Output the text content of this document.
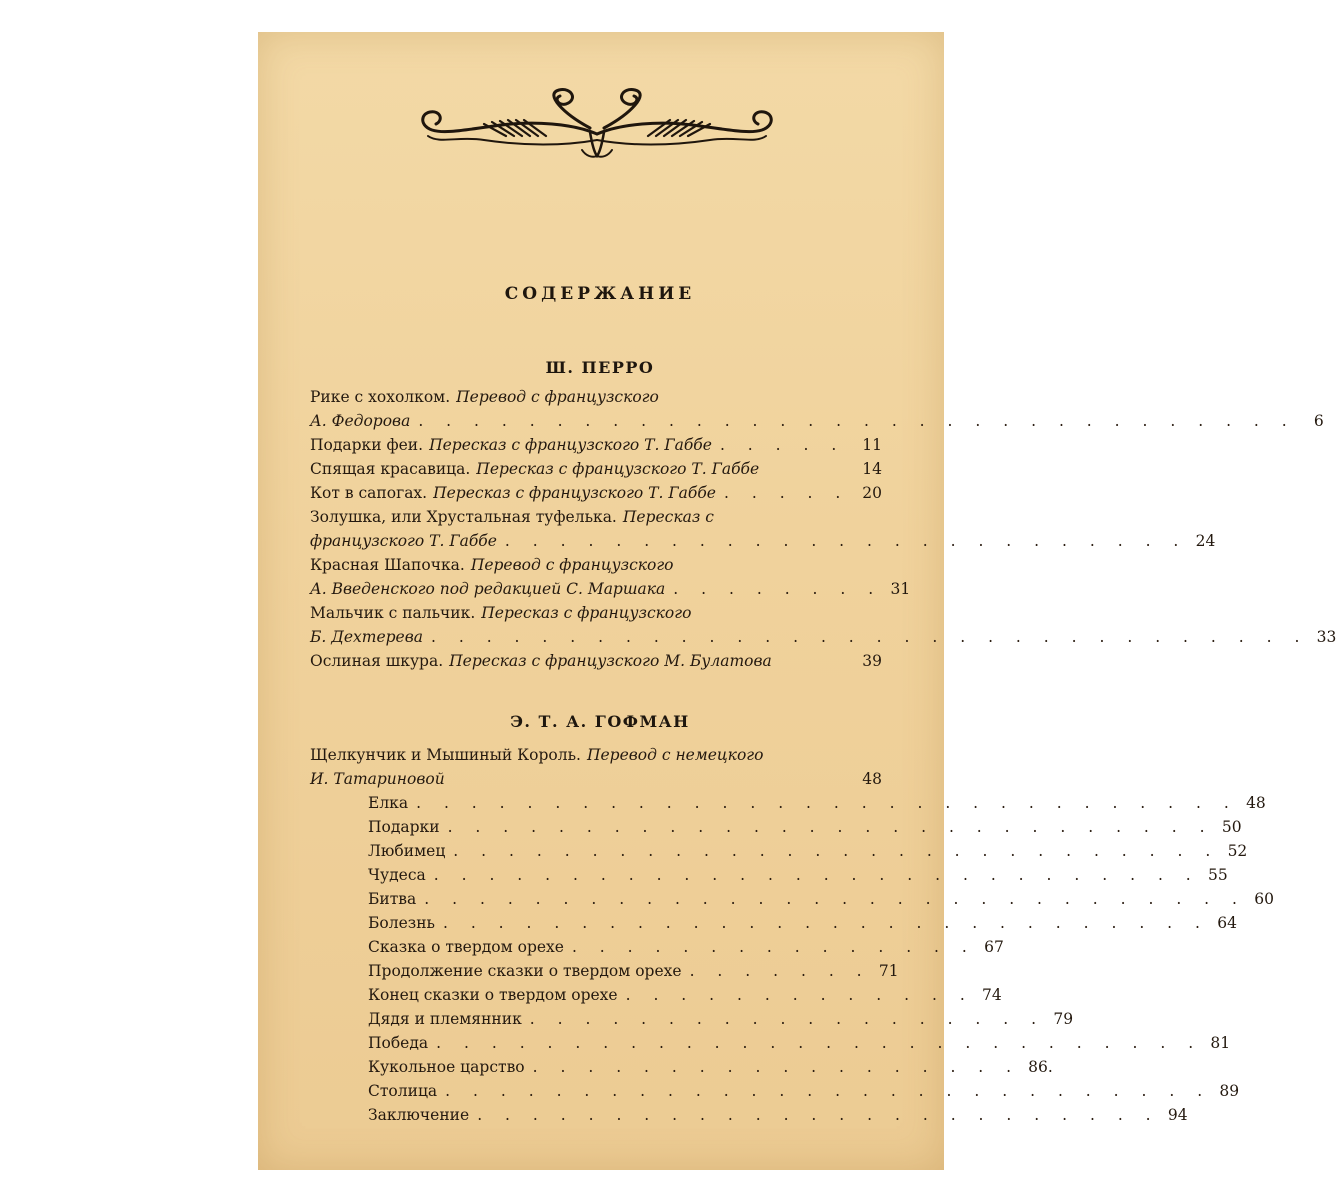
СОДЕРЖАНИЕ
Ш. ПЕРРО
Рике с хохолком. Перевод с французского
А. Федорова . . . . . . . . . . . . . . . . . . . . . . . . . . . . . . . .	6
Подарки феи. Пересказ с французского Т. Габбе . . . . .	11
Спящая красавица. Пересказ с французского Т. Габбе	14
Кот в сапогах. Пересказ с французского Т. Габбе . . . . . 20
Золушка, или Хрустальная туфелька. Пересказ с
французского Т. Габбе . . . . . . . . . . . . . . . . . . . . . . . . . 24
Красная Шапочка. Перевод с французского
А. Введенского под редакцией С. Маршака . . . . . . . . 31
Мальчик с пальчик. Пересказ с французского
Б. Дехтерева . . . . . . . . . . . . . . . . . . . . . . . . . . . . . . . . 33
Ослиная шкура. Пересказ с французского М. Булатова	39
Э. Т. А. ГОФМАН
Щелкунчик и Мышиный Король. Перевод с немецкого
И. Татариновой	48
Елка . . . . . . . . . . . . . . . . . . . . . . . . . . . . . . 48
Подарки . . . . . . . . . . . . . . . . . . . . . . . . . . . . 50
Любимец . . . . . . . . . . . . . . . . . . . . . . . . . . . . 52
Чудеса . . . . . . . . . . . . . . . . . . . . . . . . . . . . 55
Битва . . . . . . . . . . . . . . . . . . . . . . . . . . . . . . 60
Болезнь . . . . . . . . . . . . . . . . . . . . . . . . . . . . 64
Сказка о твердом орехе . . . . . . . . . . . . . . . 67
Продолжение сказки о твердом орехе . . . . . . . 71
Конец сказки о твердом орехе . . . . . . . . . . . . . 74
Дядя и племянник . . . . . . . . . . . . . . . . . . . 79
Победа . . . . . . . . . . . . . . . . . . . . . . . . . . . . 81
Кукольное царство . . . . . . . . . . . . . . . . . . 86.
Столица . . . . . . . . . . . . . . . . . . . . . . . . . . . . 89
Заключение . . . . . . . . . . . . . . . . . . . . . . . . . 94
